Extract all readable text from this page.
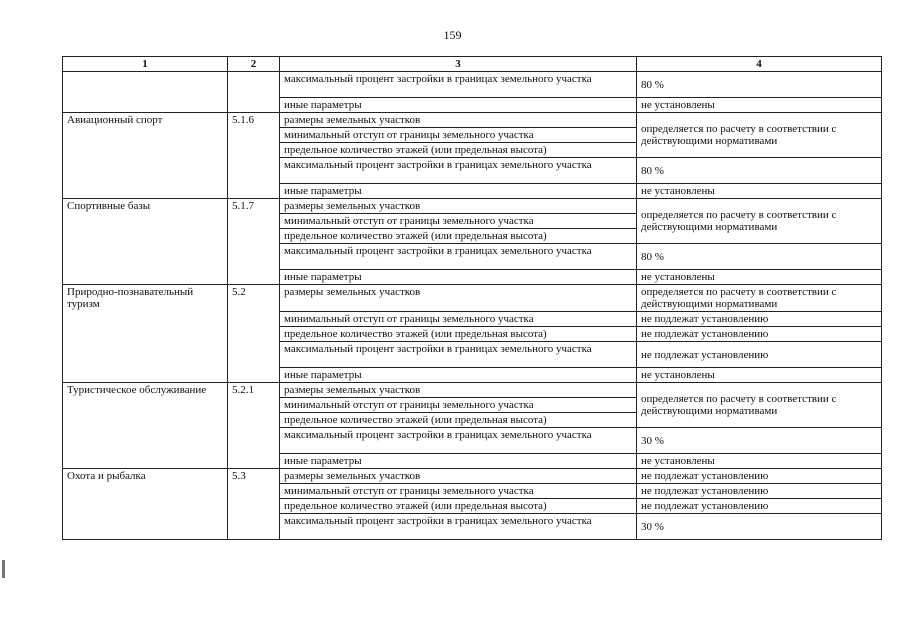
159
1	2	3	4
		максимальный процент застройки в границах земельного участка	80 %
		иные параметры	не установлены
Авиационный спорт	5.1.6	размеры земельных участков	определяется по расчету в соответствии с действующими нормативами
		минимальный отступ от границы земельного участка	
		предельное количество этажей (или предельная высота)	
		максимальный процент застройки в границах земельного участка	80 %
		иные параметры	не установлены
Спортивные базы	5.1.7	размеры земельных участков	определяется по расчету в соответствии с действующими нормативами
		минимальный отступ от границы земельного участка	
		предельное количество этажей (или предельная высота)	
		максимальный процент застройки в границах земельного участка	80 %
		иные параметры	не установлены
Природно-познавательный туризм	5.2	размеры земельных участков	определяется по расчету в соответствии с действующими нормативами
		минимальный отступ от границы земельного участка	не подлежат установлению
		предельное количество этажей (или предельная высота)	не подлежат установлению
		максимальный процент застройки в границах земельного участка	не подлежат установлению
		иные параметры	не установлены
Туристическое обслуживание	5.2.1	размеры земельных участков	определяется по расчету в соответствии с действующими нормативами
		минимальный отступ от границы земельного участка	
		предельное количество этажей (или предельная высота)	
		максимальный процент застройки в границах земельного участка	30 %
		иные параметры	не установлены
Охота и рыбалка	5.3	размеры земельных участков	не подлежат установлению
		минимальный отступ от границы земельного участка	не подлежат установлению
		предельное количество этажей (или предельная высота)	не подлежат установлению
		максимальный процент застройки в границах земельного участка	30 %
